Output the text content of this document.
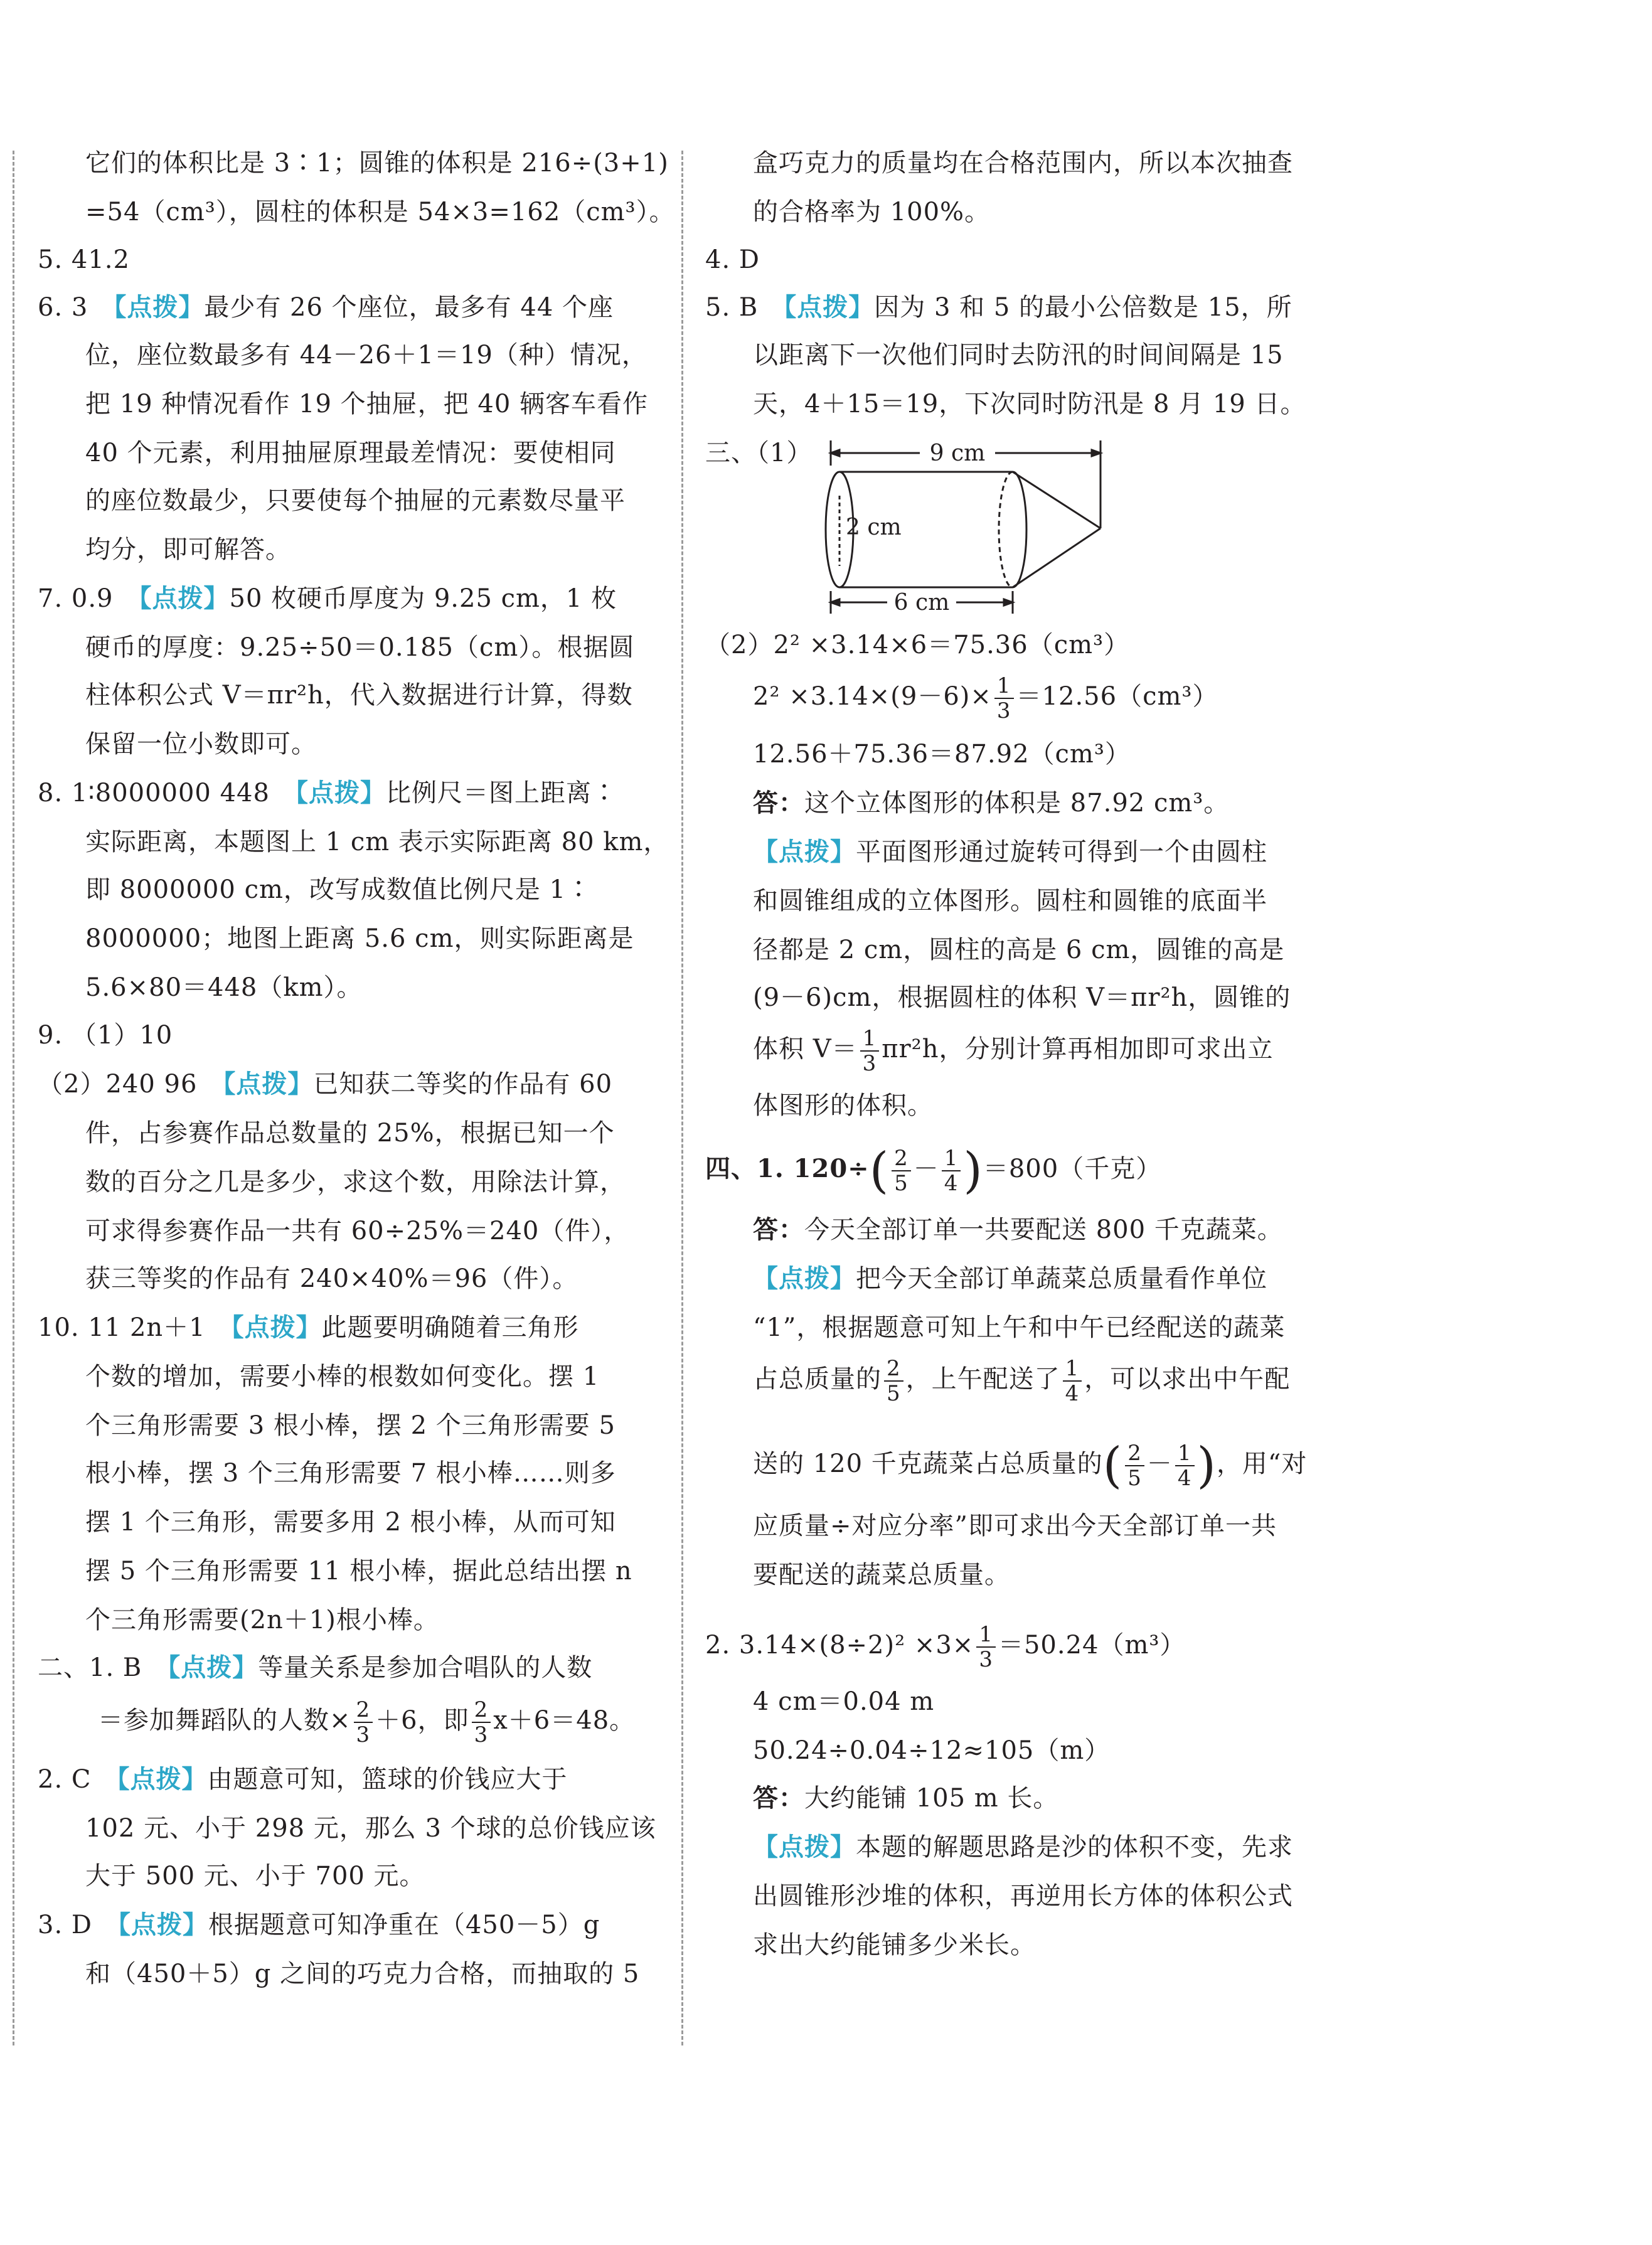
它们的体积比是 3∶1；圆锥的体积是 216÷(3+1)
=54（cm³），圆柱的体积是 54×3=162（cm³）。
5. 41.2
6. 3　 【点拨】最少有 26 个座位，最多有 44 个座
位，座位数最多有 44－26＋1＝19（种）情况，
把 19 种情况看作 19 个抽屉，把 40 辆客车看作
40 个元素，利用抽屉原理最差情况：要使相同
的座位数最少，只要使每个抽屉的元素数尽量平
均分，即可解答。
7. 0.9　 【点拨】50 枚硬币厚度为 9.25 cm，1 枚
硬币的厚度：9.25÷50＝0.185（cm）。根据圆
柱体积公式 V＝πr²h，代入数据进行计算，得数
保留一位小数即可。
8. 1∶8000000 448　 【点拨】比例尺＝图上距离∶
实际距离，本题图上 1 cm 表示实际距离 80 km，
即 8000000 cm，改写成数值比例尺是 1∶
8000000；地图上距离 5.6 cm，则实际距离是
5.6×80＝448（km）。
9. （1）10
（2）240 96　 【点拨】已知获二等奖的作品有 60
件，占参赛作品总数量的 25%，根据已知一个
数的百分之几是多少，求这个数，用除法计算，
可求得参赛作品一共有 60÷25%＝240（件），
获三等奖的作品有 240×40%＝96（件）。
10. 11 2n＋1　 【点拨】此题要明确随着三角形
个数的增加，需要小棒的根数如何变化。摆 1
个三角形需要 3 根小棒，摆 2 个三角形需要 5
根小棒，摆 3 个三角形需要 7 根小棒……则多
摆 1 个三角形，需要多用 2 根小棒，从而可知
摆 5 个三角形需要 11 根小棒，据此总结出摆 n
个三角形需要(2n＋1)根小棒。
二、1. B　 【点拨】等量关系是参加合唱队的人数
＝参加舞蹈队的人数× $\frac{2}{3} +6$，即 $\frac{2}{3} x+6=48$。
2. C　 【点拨】由题意可知，篮球的价钱应大于
102 元、小于 298 元，那么 3 个球的总价钱应该
大于 500 元、小于 700 元。
3. D　 【点拨】根据题意可知净重在（450－5）g
和（450＋5）g 之间的巧克力合格，而抽取的 5
盒巧克力的质量均在合格范围内，所以本次抽查
的合格率为 100%。
4. D
5. B　 【点拨】因为 3 和 5 的最小公倍数是 15，所
以距离下一次他们同时去防汛的时间间隔是 15
天，4＋15＝19，下次同时防汛是 8 月 19 日。
三、（1）	9 cm
2 cm
6 cm
（2）2² ×3.14×6＝75.36（cm³）
$2^2 \times 3.14\times(9-6)\times \frac{1}{3} =12.56(cm^3)$
12.56＋75.36＝87.92（cm³）
答：这个立体图形的体积是 87.92 cm³。
【点拨】平面图形通过旋转可得到一个由圆柱
和圆锥组成的立体图形。圆柱和圆锥的底面半
径都是 2 cm，圆柱的高是 6 cm，圆锥的高是
(9－6)cm，根据圆柱的体积 V＝πr²h，圆锥的
体积 $V= \frac{1}{3} \pi r^2h$，分别计算再相加即可求出立
体图形的体积。
四、1. $120\div( \frac{2}{5} - \frac{1}{4} )=800$（千克）
答：今天全部订单一共要配送 800 千克蔬菜。
【点拨】把今天全部订单蔬菜总质量看作单位
“1”，根据题意可知上午和中午已经配送的蔬菜
占总质量的 $\frac{2}{5}$ ，上午配送了 $\frac{1}{4}$ ，可以求出中午配
送的 120 千克蔬菜占总质量的( $\frac{2}{5} - \frac{1}{4}$ )，用“对
应质量÷对应分率”即可求出今天全部订单一共
要配送的蔬菜总质量。
2. $3.14\times(8\div 2)^2 \times 3\times \frac{1}{3} =50.24(m^3)$
4 cm＝0.04 m
50.24÷0.04÷12≈105（m）
答：大约能铺 105 m 长。
【点拨】本题的解题思路是沙的体积不变，先求
出圆锥形沙堆的体积，再逆用长方体的体积公式
求出大约能铺多少米长。
